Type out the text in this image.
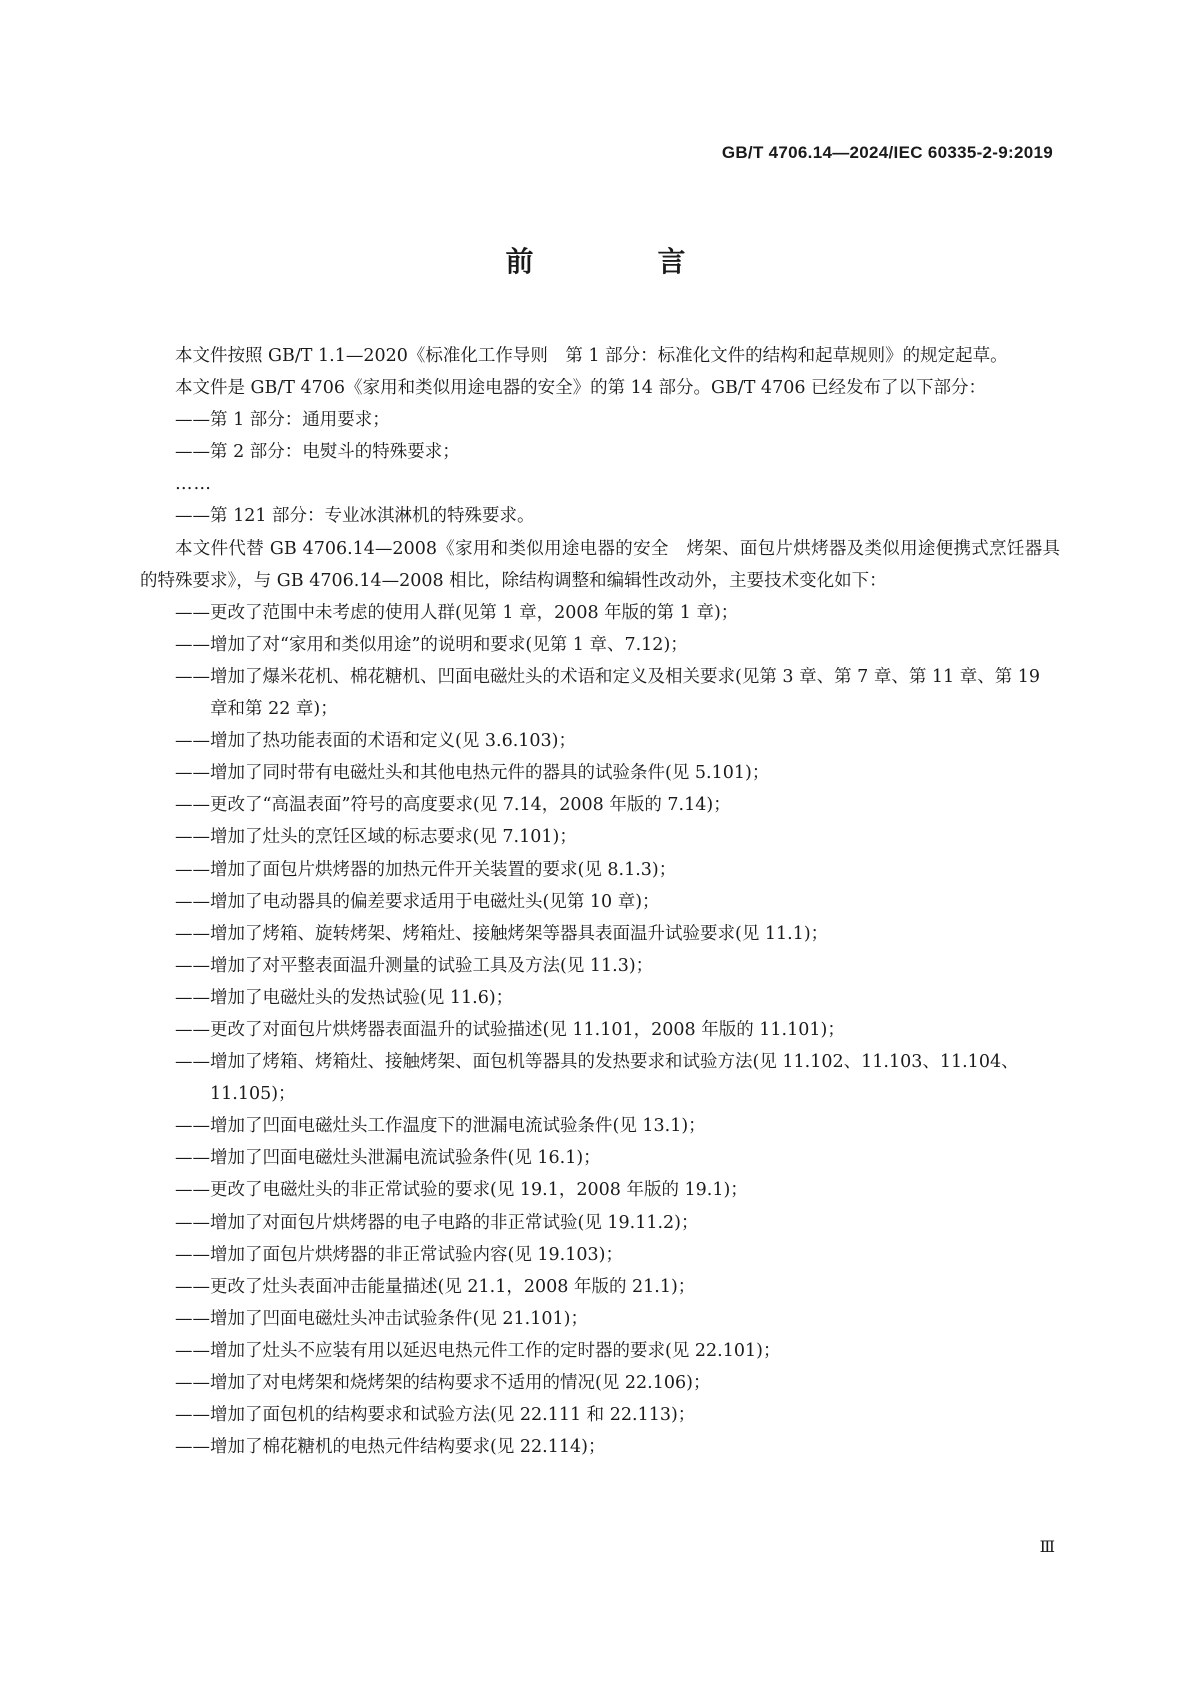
GB/T 4706.14—2024/IEC 60335-2-9:2019
前　言

本文件按照 GB/T 1.1—2020《标准化工作导则　第 1 部分：标准化文件的结构和起草规则》的规定起草。

本文件是 GB/T 4706《家用和类似用途电器的安全》的第 14 部分。GB/T 4706 已经发布了以下部分：

——第 1 部分：通用要求；

——第 2 部分：电熨斗的特殊要求；

……

——第 121 部分：专业冰淇淋机的特殊要求。

本文件代替 GB 4706.14—2008《家用和类似用途电器的安全　烤架、面包片烘烤器及类似用途便携式烹饪器具的特殊要求》，与 GB 4706.14—2008 相比，除结构调整和编辑性改动外，主要技术变化如下：

——更改了范围中未考虑的使用人群(见第 1 章，2008 年版的第 1 章)；

——增加了对“家用和类似用途”的说明和要求(见第 1 章、7.12)；

——增加了爆米花机、棉花糖机、凹面电磁灶头的术语和定义及相关要求(见第 3 章、第 7 章、第 11 章、第 19 章和第 22 章)；

——增加了热功能表面的术语和定义(见 3.6.103)；

——增加了同时带有电磁灶头和其他电热元件的器具的试验条件(见 5.101)；

——更改了“高温表面”符号的高度要求(见 7.14，2008 年版的 7.14)；

——增加了灶头的烹饪区域的标志要求(见 7.101)；

——增加了面包片烘烤器的加热元件开关装置的要求(见 8.1.3)；

——增加了电动器具的偏差要求适用于电磁灶头(见第 10 章)；

——增加了烤箱、旋转烤架、烤箱灶、接触烤架等器具表面温升试验要求(见 11.1)；

——增加了对平整表面温升测量的试验工具及方法(见 11.3)；

——增加了电磁灶头的发热试验(见 11.6)；

——更改了对面包片烘烤器表面温升的试验描述(见 11.101，2008 年版的 11.101)；

——增加了烤箱、烤箱灶、接触烤架、面包机等器具的发热要求和试验方法(见 11.102、11.103、11.104、11.105)；

——增加了凹面电磁灶头工作温度下的泄漏电流试验条件(见 13.1)；

——增加了凹面电磁灶头泄漏电流试验条件(见 16.1)；

——更改了电磁灶头的非正常试验的要求(见 19.1，2008 年版的 19.1)；

——增加了对面包片烘烤器的电子电路的非正常试验(见 19.11.2)；

——增加了面包片烘烤器的非正常试验内容(见 19.103)；

——更改了灶头表面冲击能量描述(见 21.1，2008 年版的 21.1)；

——增加了凹面电磁灶头冲击试验条件(见 21.101)；

——增加了灶头不应装有用以延迟电热元件工作的定时器的要求(见 22.101)；

——增加了对电烤架和烧烤架的结构要求不适用的情况(见 22.106)；

——增加了面包机的结构要求和试验方法(见 22.111 和 22.113)；

——增加了棉花糖机的电热元件结构要求(见 22.114)；

Ⅲ
